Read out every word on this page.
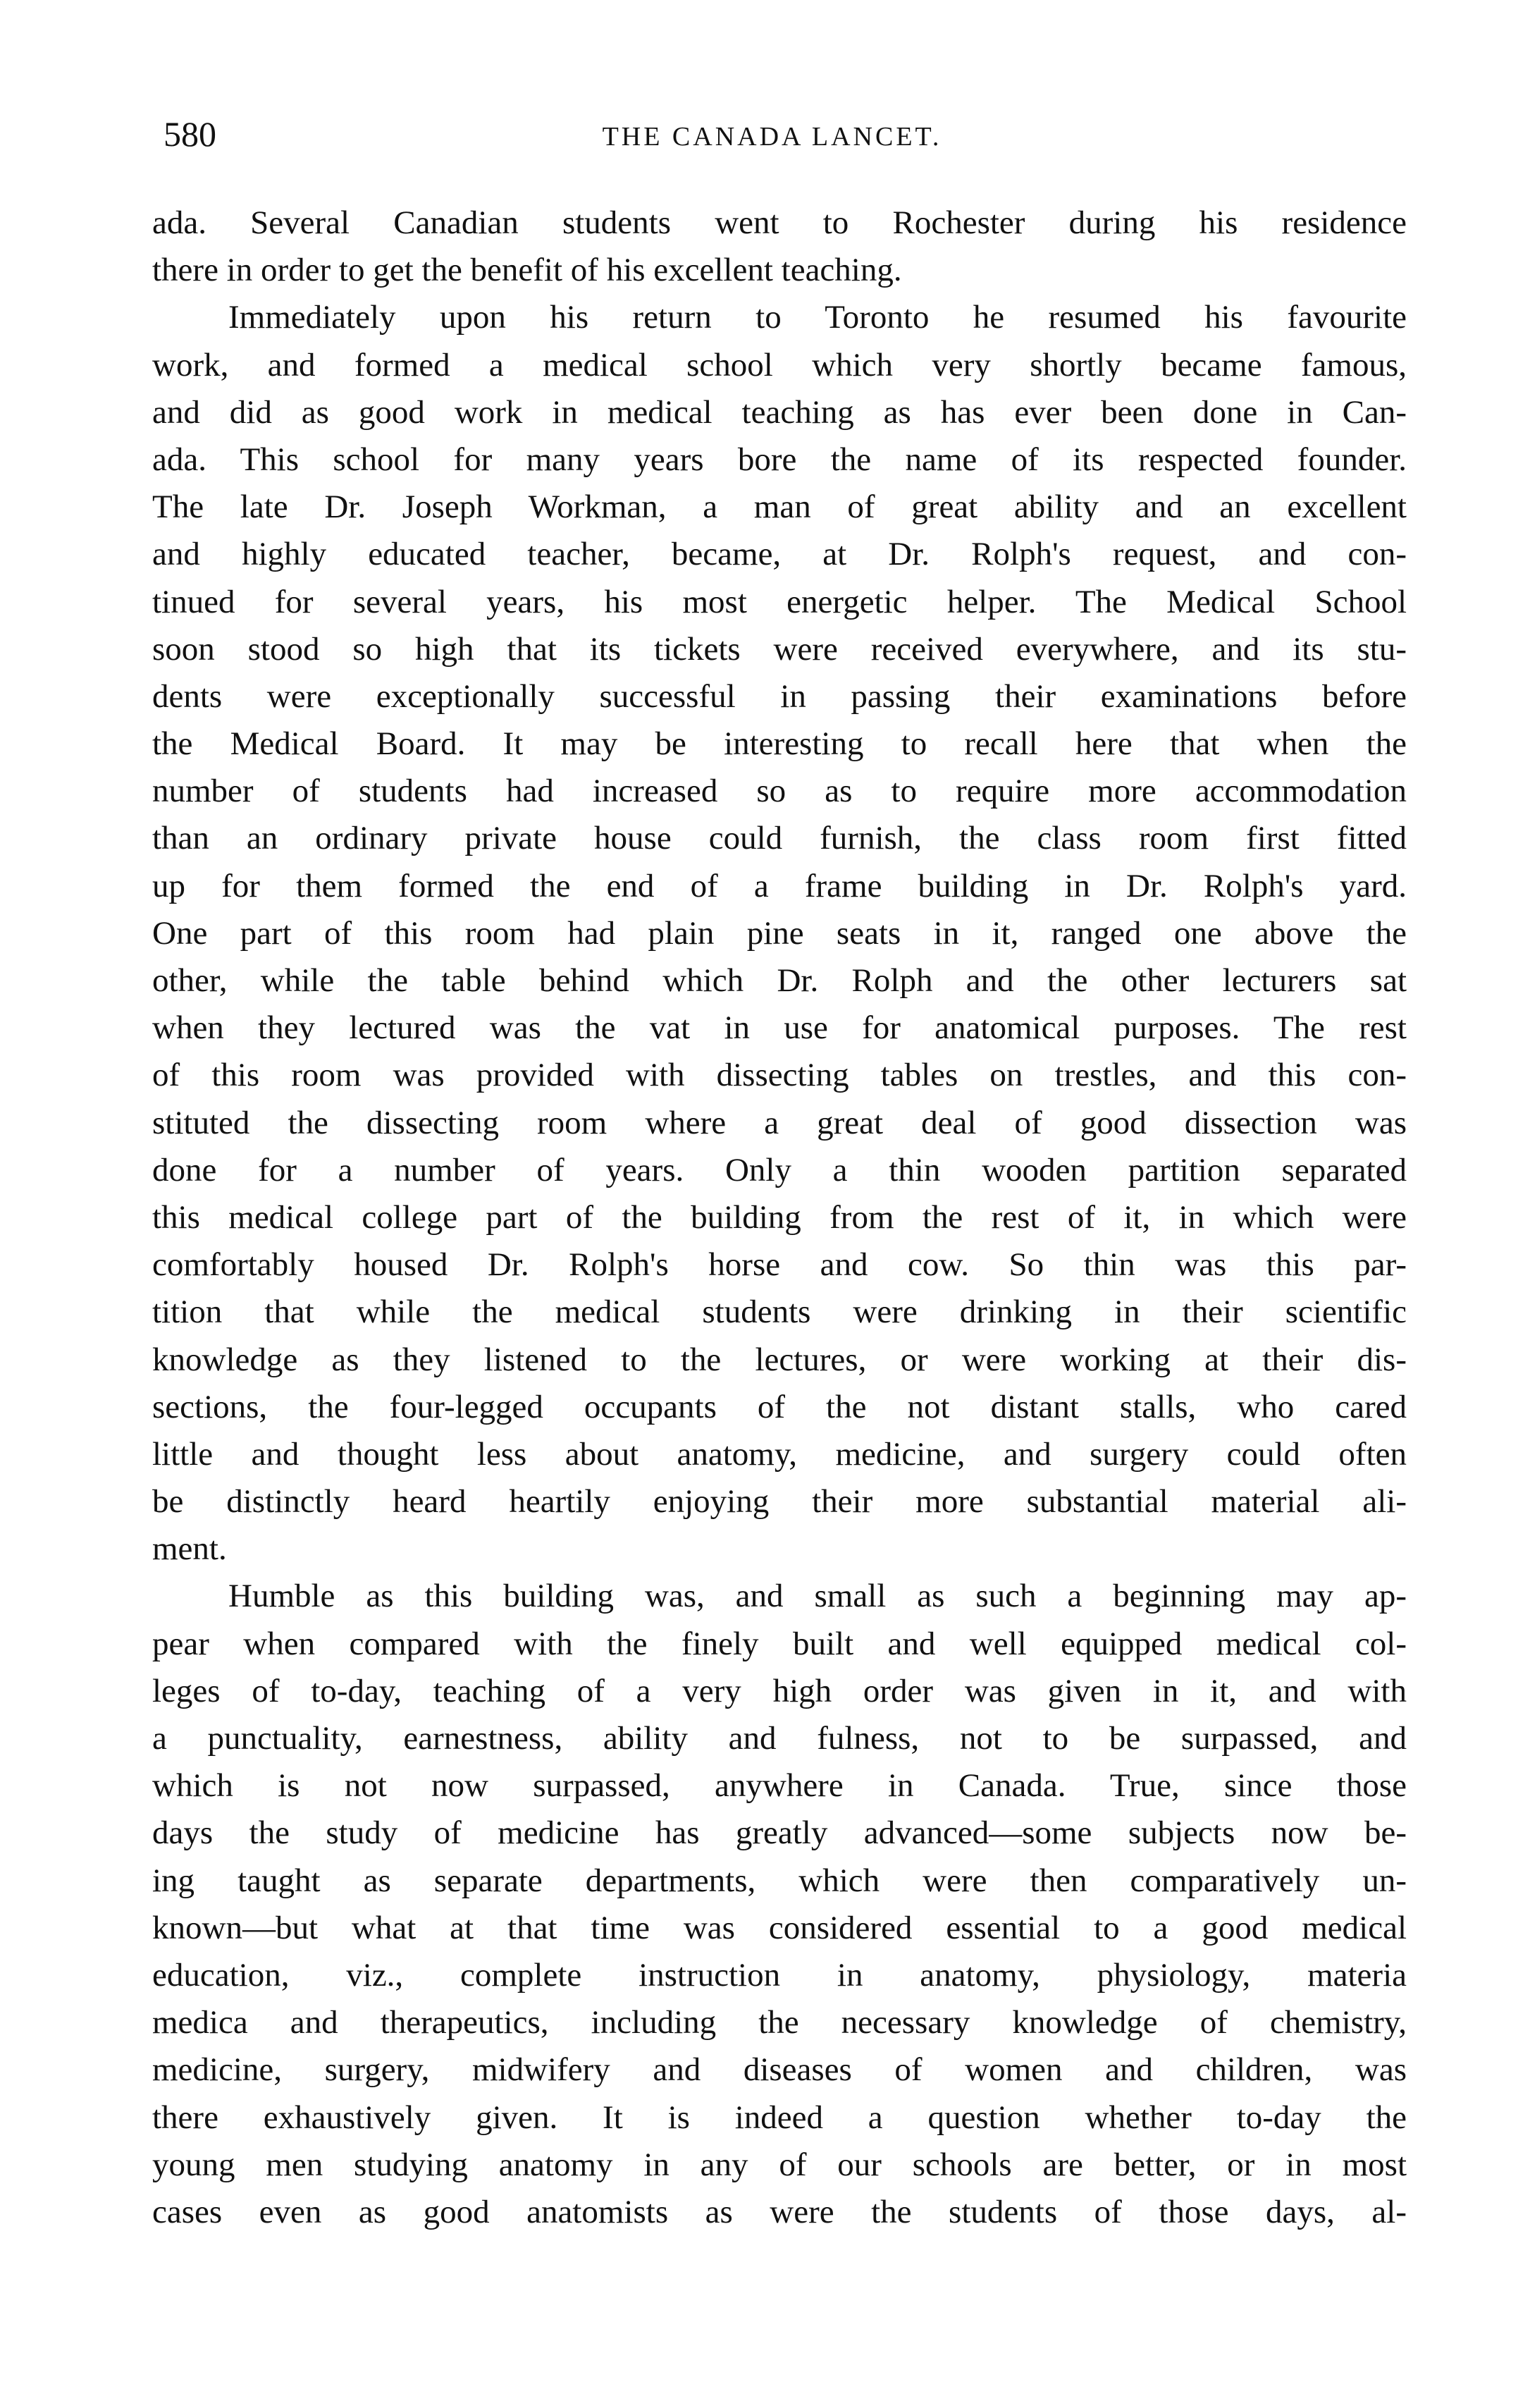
580	THE CANADA LANCET.
ada. Several Canadian students went to Rochester during his residence
there in order to get the benefit of his excellent teaching.
Immediately upon his return to Toronto he resumed his favourite
work, and formed a medical school which very shortly became famous,
and did as good work in medical teaching as has ever been done in Can-
ada. This school for many years bore the name of its respected founder.
The late Dr. Joseph Workman, a man of great ability and an excellent
and highly educated teacher, became, at Dr. Rolph's request, and con-
tinued for several years, his most energetic helper. The Medical School
soon stood so high that its tickets were received everywhere, and its stu-
dents were exceptionally successful in passing their examinations before
the Medical Board. It may be interesting to recall here that when the
number of students had increased so as to require more accommodation
than an ordinary private house could furnish, the class room first fitted
up for them formed the end of a frame building in Dr. Rolph's yard.
One part of this room had plain pine seats in it, ranged one above the
other, while the table behind which Dr. Rolph and the other lecturers sat
when they lectured was the vat in use for anatomical purposes. The rest
of this room was provided with dissecting tables on trestles, and this con-
stituted the dissecting room where a great deal of good dissection was
done for a number of years. Only a thin wooden partition separated
this medical college part of the building from the rest of it, in which were
comfortably housed Dr. Rolph's horse and cow. So thin was this par-
tition that while the medical students were drinking in their scientific
knowledge as they listened to the lectures, or were working at their dis-
sections, the four-legged occupants of the not distant stalls, who cared
little and thought less about anatomy, medicine, and surgery could often
be distinctly heard heartily enjoying their more substantial material ali-
ment.
Humble as this building was, and small as such a beginning may ap-
pear when compared with the finely built and well equipped medical col-
leges of to-day, teaching of a very high order was given in it, and with
a punctuality, earnestness, ability and fulness, not to be surpassed, and
which is not now surpassed, anywhere in Canada. True, since those
days the study of medicine has greatly advanced—some subjects now be-
ing taught as separate departments, which were then comparatively un-
known—but what at that time was considered essential to a good medical
education, viz., complete instruction in anatomy, physiology, materia
medica and therapeutics, including the necessary knowledge of chemistry,
medicine, surgery, midwifery and diseases of women and children, was
there exhaustively given. It is indeed a question whether to-day the
young men studying anatomy in any of our schools are better, or in most
cases even as good anatomists as were the students of those days, al-
